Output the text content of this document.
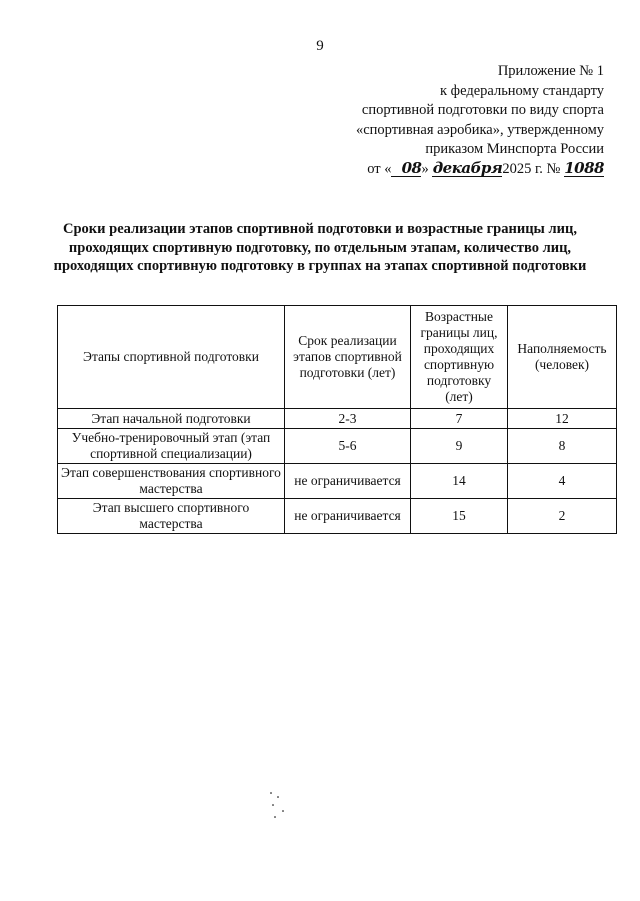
9
Приложение № 1
к федеральному стандарту
спортивной подготовки по виду спорта
«спортивная аэробика», утвержденному
приказом Минспорта России
от « 08» декабря2025 г. № 1088
Сроки реализации этапов спортивной подготовки и возрастные границы лиц, проходящих спортивную подготовку, по отдельным этапам, количество лиц, проходящих спортивную подготовку в группах на этапах спортивной подготовки
Этапы спортивной подготовки	Срок реализации этапов спортивной подготовки (лет)	Возрастные границы лиц, проходящих спортивную подготовку (лет)	Наполняемость (человек)
Этап начальной подготовки	2-3	7	12
Учебно-тренировочный этап (этап спортивной специализации)	5-6	9	8
Этап совершенствования спортивного мастерства	не ограничивается	14	4
Этап высшего спортивного мастерства	не ограничивается	15	2
